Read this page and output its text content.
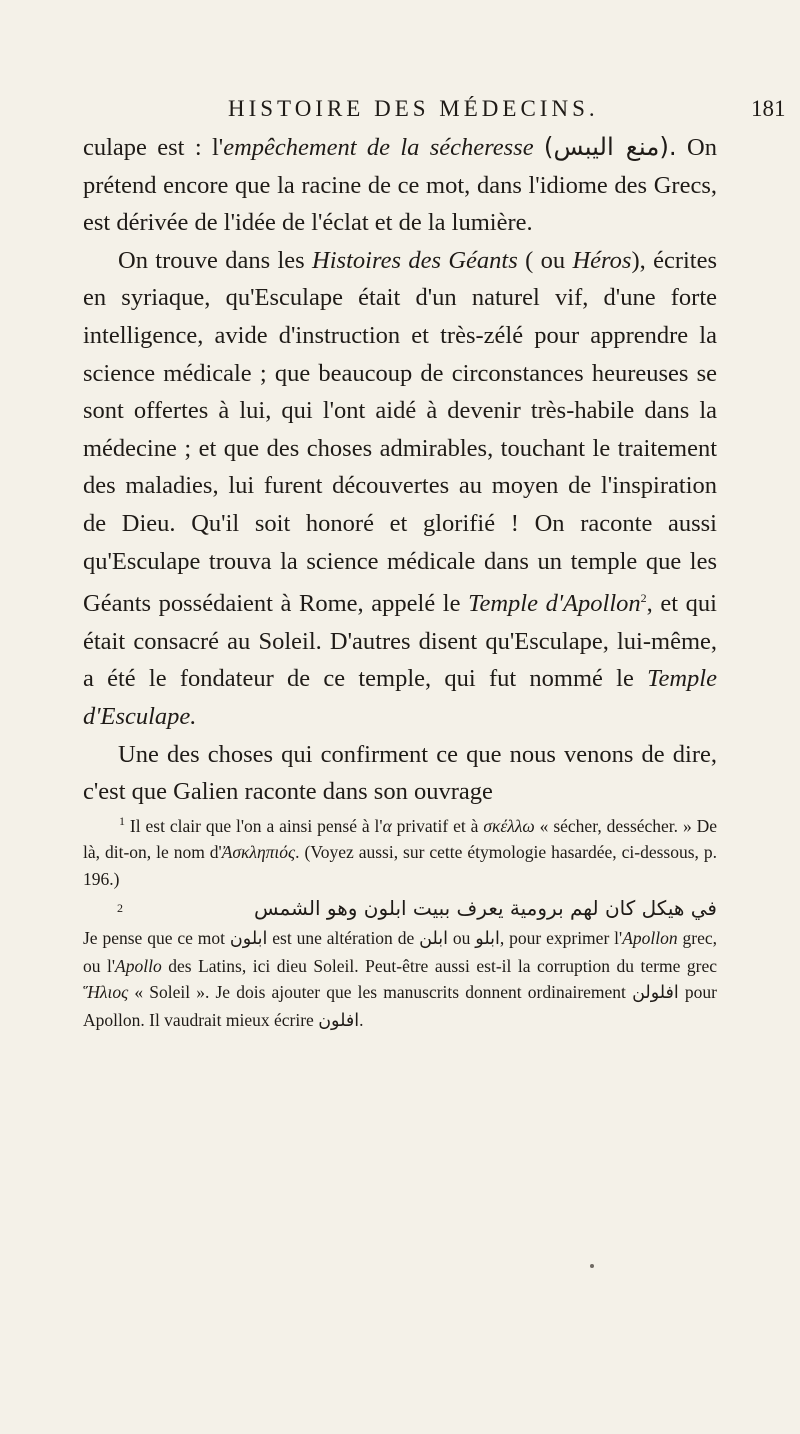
HISTOIRE DES MÉDECINS.	181

culape est : l'empêchement de la sécheresse (منع اليبس). On prétend encore que la racine de ce mot, dans l'idiome des Grecs, est dérivée de l'idée de l'éclat et de la lumière.

On trouve dans les Histoires des Géants ( ou Héros), écrites en syriaque, qu'Esculape était d'un naturel vif, d'une forte intelligence, avide d'instruction et très-zélé pour apprendre la science médicale ; que beaucoup de circonstances heureuses se sont offertes à lui, qui l'ont aidé à devenir très-habile dans la médecine ; et que des choses admirables, touchant le traitement des maladies, lui furent découvertes au moyen de l'inspiration de Dieu. Qu'il soit honoré et glorifié ! On raconte aussi qu'Esculape trouva la science médicale dans un temple que les Géants possédaient à Rome, appelé le Temple d'Apollon$^2$, et qui était consacré au Soleil. D'autres disent qu'Esculape, lui-même, a été le fondateur de ce temple, qui fut nommé le Temple d'Esculape.

Une des choses qui confirment ce que nous venons de dire, c'est que Galien raconte dans son ouvrage

$^1$ Il est clair que l'on a ainsi pensé à l'α privatif et à σκέλλω « sécher, dessécher. » De là, dit-on, le nom d'Ἀσκληπιός. (Voyez aussi, sur cette étymologie hasardée, ci-dessous, p. 196.)

2	في هيكل كان لهم برومية يعرف ببيت ابلون وهو الشمس

Je pense que ce mot ابلون est une altération de ابلن ou ابلو, pour exprimer l'Apollon grec, ou l'Apollo des Latins, ici dieu Soleil. Peut-être aussi est-il la corruption du terme grec Ἥλιος « Soleil ». Je dois ajouter que les manuscrits donnent ordinairement افلولن pour Apollon. Il vaudrait mieux écrire افلون.
